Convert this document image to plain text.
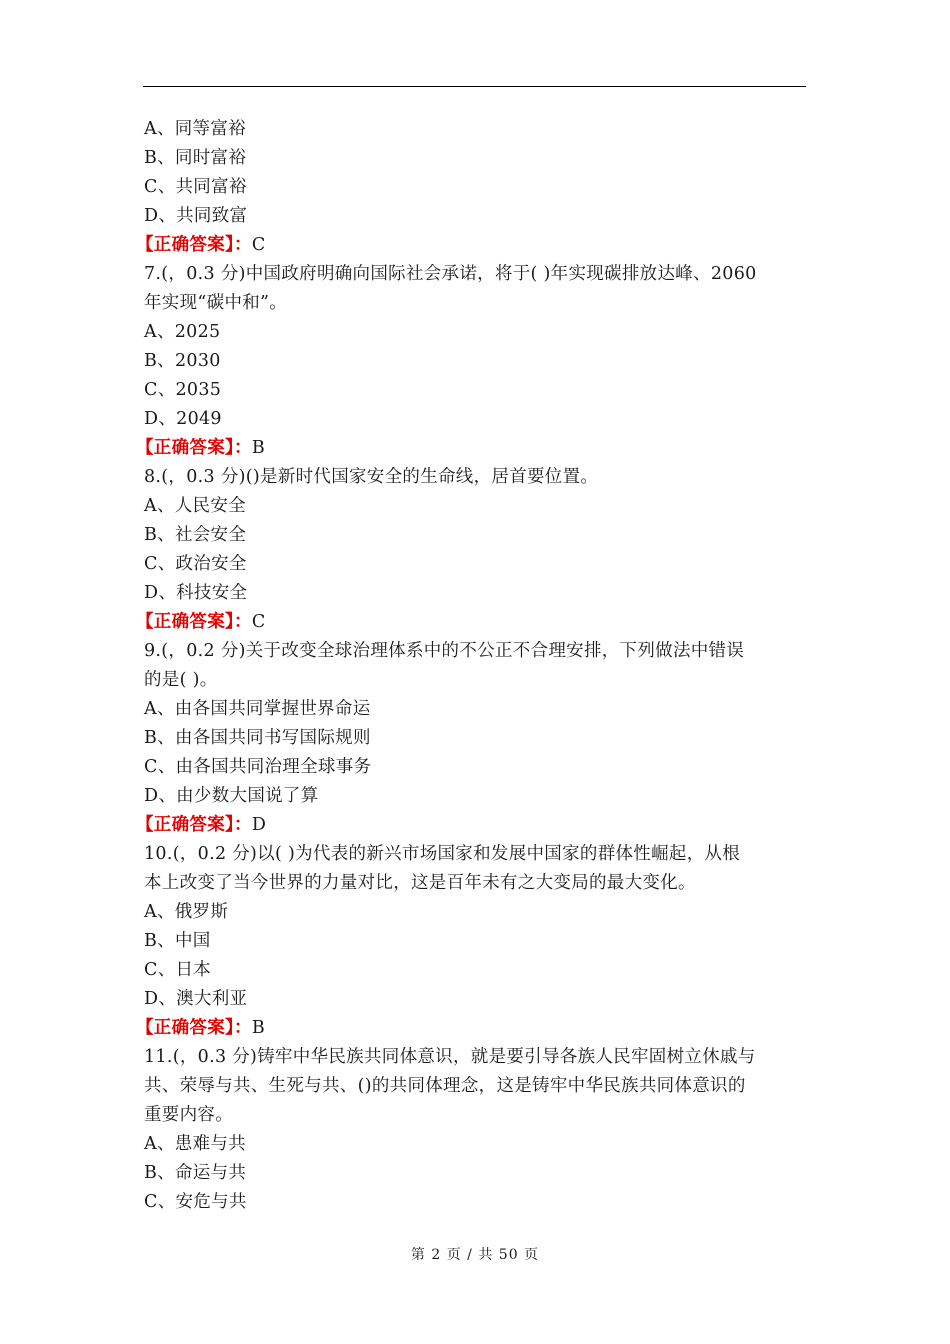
A、同等富裕
B、同时富裕
C、共同富裕
D、共同致富
【正确答案】：C
7.(，0.3 分)中国政府明确向国际社会承诺，将于( )年实现碳排放达峰、2060
年实现“碳中和”。
A、2025
B、2030
C、2035
D、2049
【正确答案】：B
8.(，0.3 分)()是新时代国家安全的生命线，居首要位置。
A、人民安全
B、社会安全
C、政治安全
D、科技安全
【正确答案】：C
9.(，0.2 分)关于改变全球治理体系中的不公正不合理安排，下列做法中错误
的是( )。
A、由各国共同掌握世界命运
B、由各国共同书写国际规则
C、由各国共同治理全球事务
D、由少数大国说了算
【正确答案】：D
10.(，0.2 分)以( )为代表的新兴市场国家和发展中国家的群体性崛起，从根
本上改变了当今世界的力量对比，这是百年未有之大变局的最大变化。
A、俄罗斯
B、中国
C、日本
D、澳大利亚
【正确答案】：B
11.(，0.3 分)铸牢中华民族共同体意识，就是要引导各族人民牢固树立休戚与
共、荣辱与共、生死与共、()的共同体理念，这是铸牢中华民族共同体意识的
重要内容。
A、患难与共
B、命运与共
C、安危与共
第 2 页 / 共 50 页
